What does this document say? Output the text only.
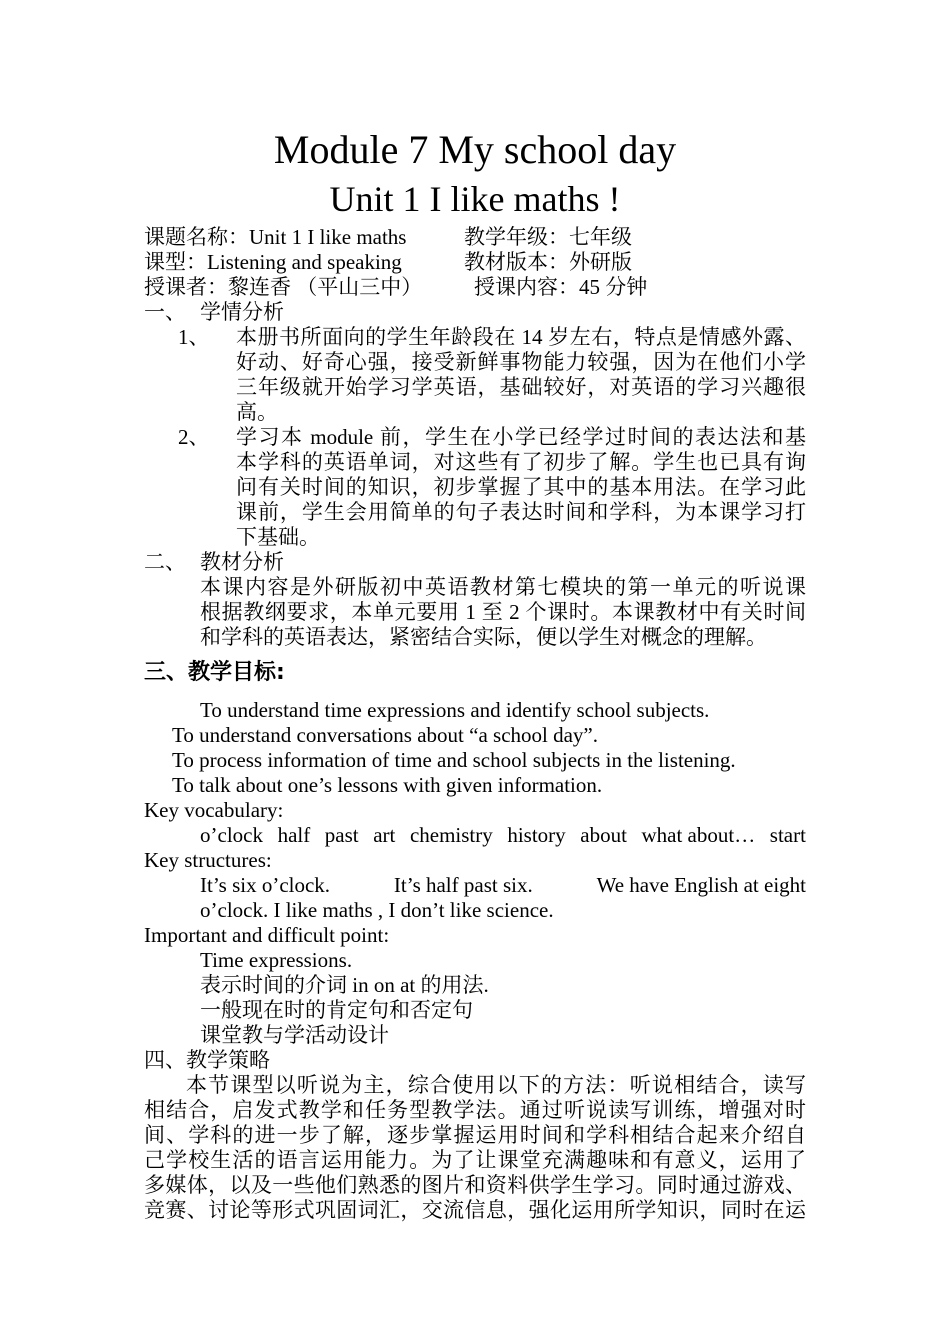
Module 7 My school day
Unit 1 I like maths !
课题名称：Unit 1 I like maths	教学年级：七年级
课型：Listening and speaking	教材版本：外研版
授课者：黎连香 （平山三中） 授课内容：45 分钟
一、 学情分析
1、 本册书所面向的学生年龄段在 14 岁左右，特点是情感外露、
好动、好奇心强，接受新鲜事物能力较强，因为在他们小学
三年级就开始学习学英语，基础较好，对英语的学习兴趣很
高。
2、 学习本 module 前，学生在小学已经学过时间的表达法和基
本学科的英语单词，对这些有了初步了解。学生也已具有询
问有关时间的知识，初步掌握了其中的基本用法。在学习此
课前，学生会用简单的句子表达时间和学科，为本课学习打
下基础。
二、 教材分析
本课内容是外研版初中英语教材第七模块的第一单元的听说课
根据教纲要求，本单元要用 1 至 2 个课时。本课教材中有关时间
和学科的英语表达，紧密结合实际，便以学生对概念的理解。
三、教学目标:
To understand time expressions and identify school subjects.
To understand conversations about “a school day”.
To process information of time and school subjects in the listening.
To talk about one’s lessons with given information.
Key vocabulary:
o’clock half past art chemistry history about what about… start
Key structures:
It’s six o’clock.	It’s half past six.	We have English at eight
o’clock. I like maths , I don’t like science.
Important and difficult point:
Time expressions.
表示时间的介词 in on at 的用法.
一般现在时的肯定句和否定句
课堂教与学活动设计
四、教学策略
本节课型以听说为主，综合使用以下的方法：听说相结合，读写
相结合，启发式教学和任务型教学法。通过听说读写训练，增强对时
间、学科的进一步了解，逐步掌握运用时间和学科相结合起来介绍自
己学校生活的语言运用能力。为了让课堂充满趣味和有意义，运用了
多媒体，以及一些他们熟悉的图片和资料供学生学习。同时通过游戏、
竞赛、讨论等形式巩固词汇，交流信息，强化运用所学知识，同时在运
